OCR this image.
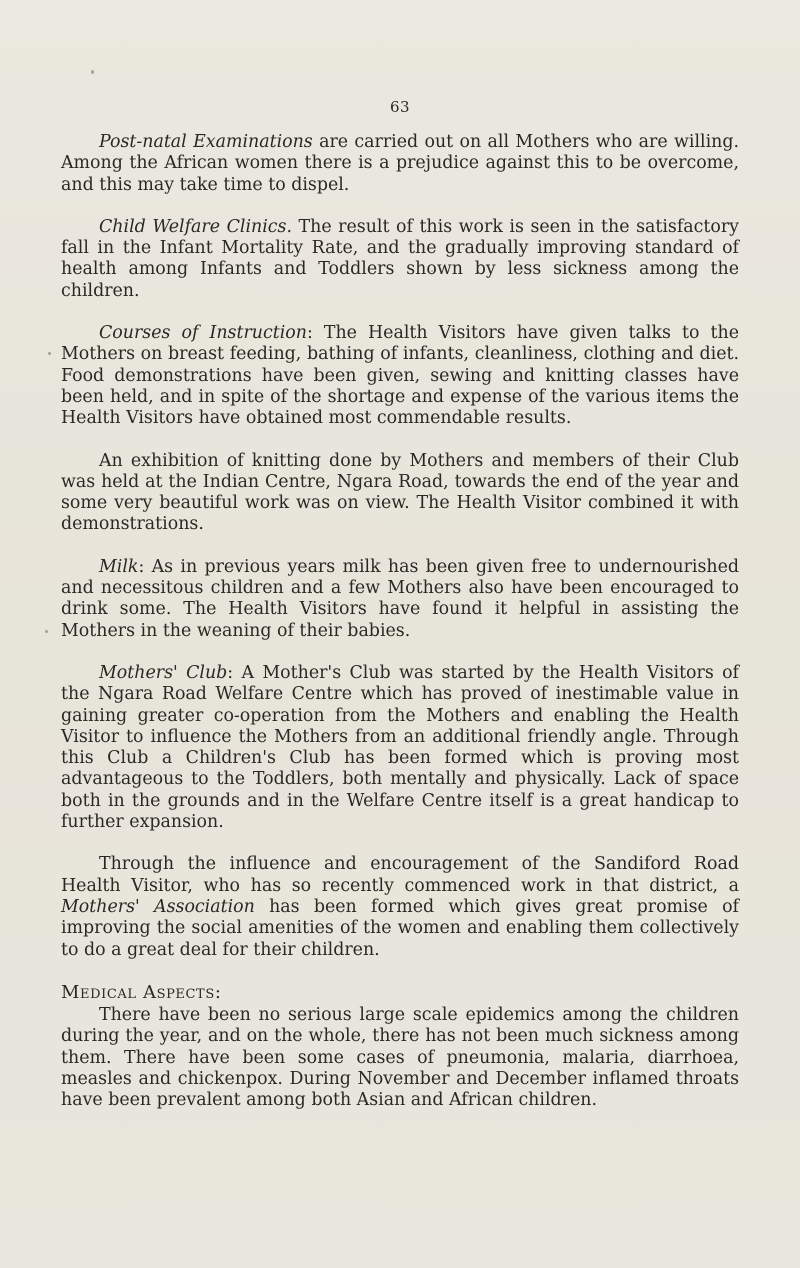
63

Post-natal Examinations are carried out on all Mothers who are willing. Among the African women there is a prejudice against this to be overcome, and this may take time to dispel.

Child Welfare Clinics. The result of this work is seen in the satisfactory fall in the Infant Mortality Rate, and the gradually improving standard of health among Infants and Toddlers shown by less sickness among the children.

Courses of Instruction: The Health Visitors have given talks to the Mothers on breast feeding, bathing of infants, cleanliness, clothing and diet. Food demonstrations have been given, sewing and knitting classes have been held, and in spite of the shortage and expense of the various items the Health Visitors have obtained most commendable results.

An exhibition of knitting done by Mothers and members of their Club was held at the Indian Centre, Ngara Road, towards the end of the year and some very beautiful work was on view. The Health Visitor combined it with demonstrations.

Milk: As in previous years milk has been given free to undernourished and necessitous children and a few Mothers also have been encouraged to drink some. The Health Visitors have found it helpful in assisting the Mothers in the weaning of their babies.

Mothers' Club: A Mother's Club was started by the Health Visitors of the Ngara Road Welfare Centre which has proved of inestimable value in gaining greater co-operation from the Mothers and enabling the Health Visitor to influence the Mothers from an additional friendly angle. Through this Club a Children's Club has been formed which is proving most advantageous to the Toddlers, both mentally and physically. Lack of space both in the grounds and in the Welfare Centre itself is a great handicap to further expansion.

Through the influence and encouragement of the Sandiford Road Health Visitor, who has so recently commenced work in that district, a Mothers' Association has been formed which gives great promise of improving the social amenities of the women and enabling them collectively to do a great deal for their children.

Medical Aspects:

There have been no serious large scale epidemics among the children during the year, and on the whole, there has not been much sickness among them. There have been some cases of pneumonia, malaria, diarrhoea, measles and chickenpox. During November and December inflamed throats have been prevalent among both Asian and African children.
